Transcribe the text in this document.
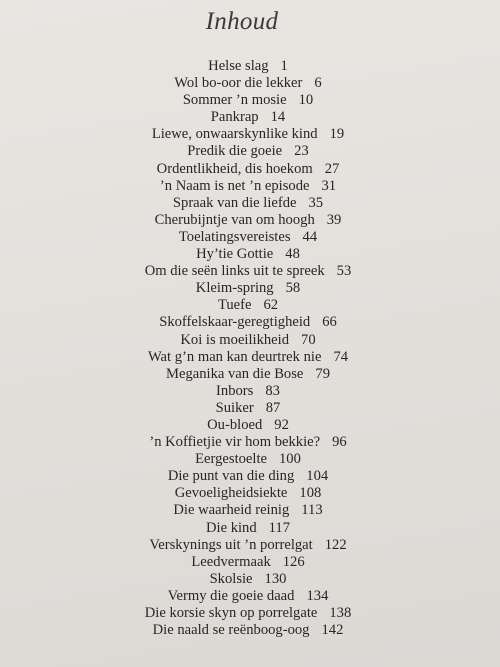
Inhoud
Helse slag 1
Wol bo-oor die lekker 6
Sommer ’n mosie 10
Pankrap 14
Liewe, onwaarskynlike kind 19
Predik die goeie 23
Ordentlikheid, dis hoekom 27
’n Naam is net ’n episode 31
Spraak van die liefde 35
Cherubijntje van om hoogh 39
Toelatingsvereistes 44
Hy’tie Gottie 48
Om die seën links uit te spreek 53
Kleim-spring 58
Tuefe 62
Skoffelskaar-geregtigheid 66
Koi is moeilikheid 70
Wat g’n man kan deurtrek nie 74
Meganika van die Bose 79
Inbors 83
Suiker 87
Ou-bloed 92
’n Koffietjie vir hom bekkie? 96
Eergestoelte 100
Die punt van die ding 104
Gevoeligheidsiekte 108
Die waarheid reinig 113
Die kind 117
Verskynings uit ’n porrelgat 122
Leedvermaak 126
Skolsie 130
Vermy die goeie daad 134
Die korsie skyn op porrelgate 138
Die naald se reënboog-oog 142
